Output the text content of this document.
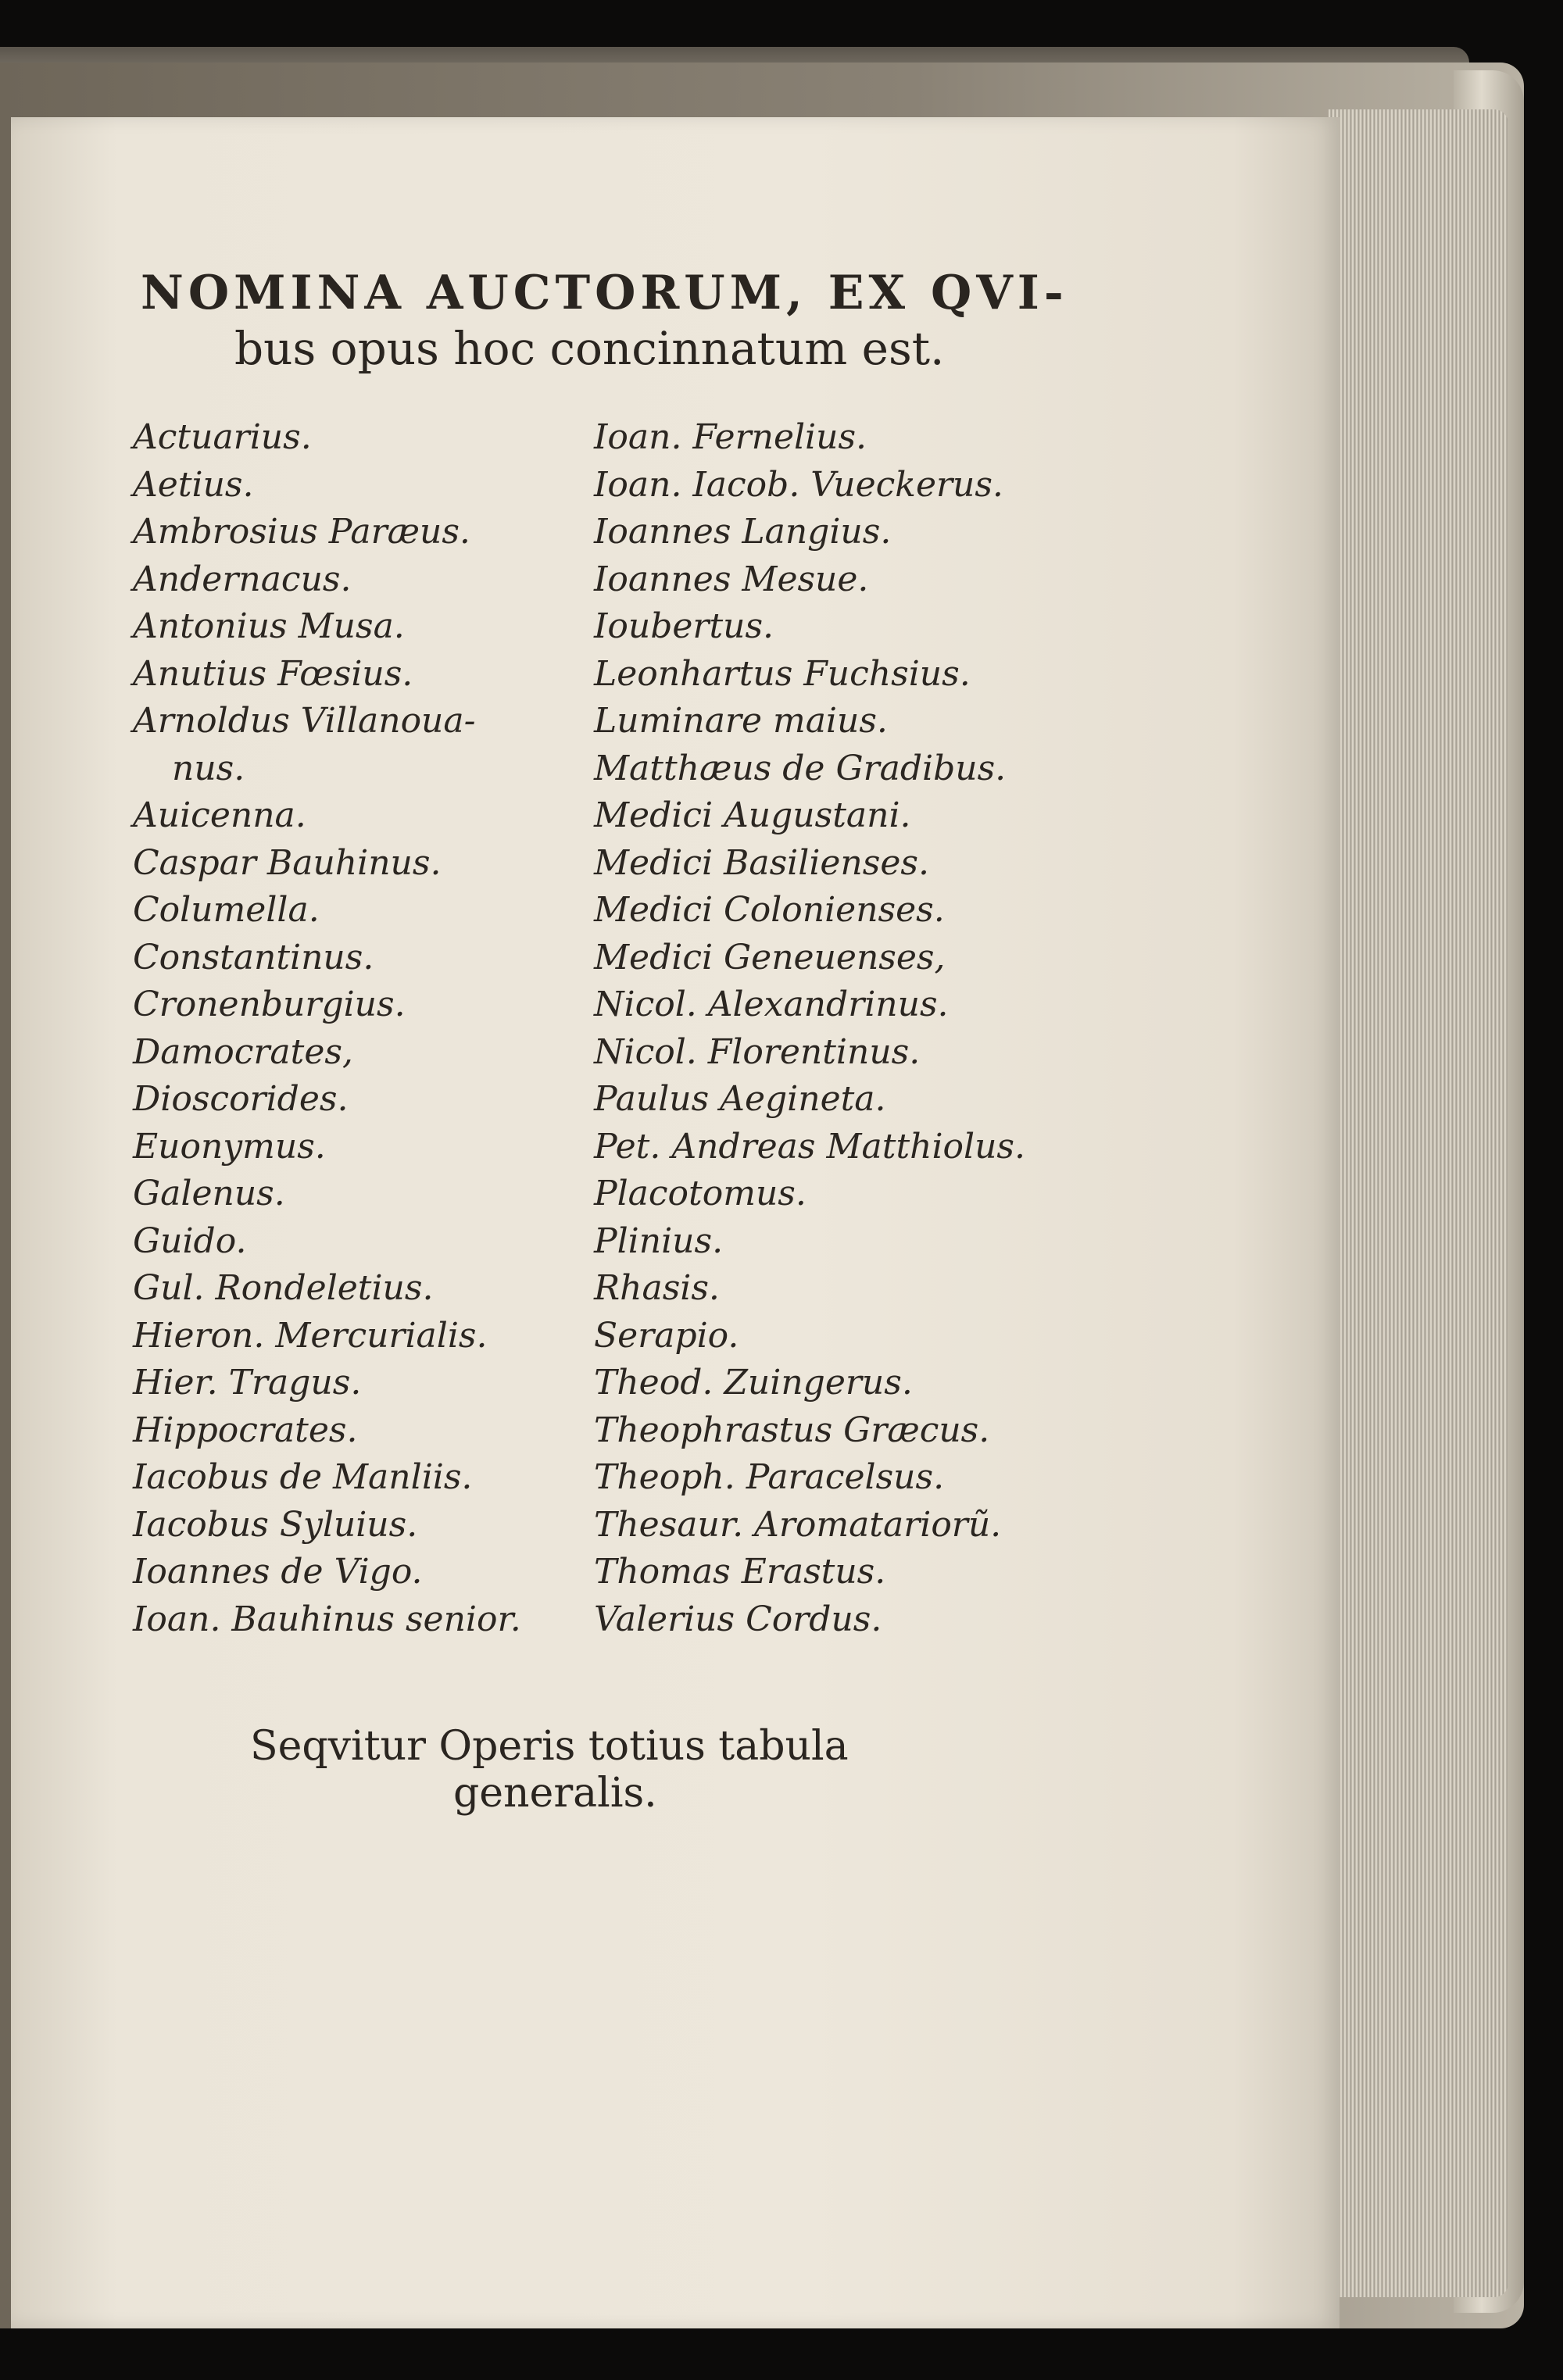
NOMINA AUCTORUM, EX QVI-
bus opus hoc concinnatum est.
Actuarius.
Aetius.
Ambrosius Paræus.
Andernacus.
Antonius Musa.
Anutius Fœsius.
Arnoldus Villanoua-
nus.
Auicenna.
Caspar Bauhinus.
Columella.
Constantinus.
Cronenburgius.
Damocrates,
Dioscorides.
Euonymus.
Galenus.
Guido.
Gul. Rondeletius.
Hieron. Mercurialis.
Hier. Tragus.
Hippocrates.
Iacobus de Manliis.
Iacobus Syluius.
Ioannes de Vigo.
Ioan. Bauhinus senior.
Ioan. Fernelius.
Ioan. Iacob. Vueckerus.
Ioannes Langius.
Ioannes Mesue.
Ioubertus.
Leonhartus Fuchsius.
Luminare maius.
Matthæus de Gradibus.
Medici Augustani.
Medici Basilienses.
Medici Colonienses.
Medici Geneuenses,
Nicol. Alexandrinus.
Nicol. Florentinus.
Paulus Aegineta.
Pet. Andreas Matthiolus.
Placotomus.
Plinius.
Rhasis.
Serapio.
Theod. Zuingerus.
Theophrastus Græcus.
Theoph. Paracelsus.
Thesaur. Aromatariorũ.
Thomas Erastus.
Valerius Cordus.
Seqvitur Operis totius tabula
generalis.
